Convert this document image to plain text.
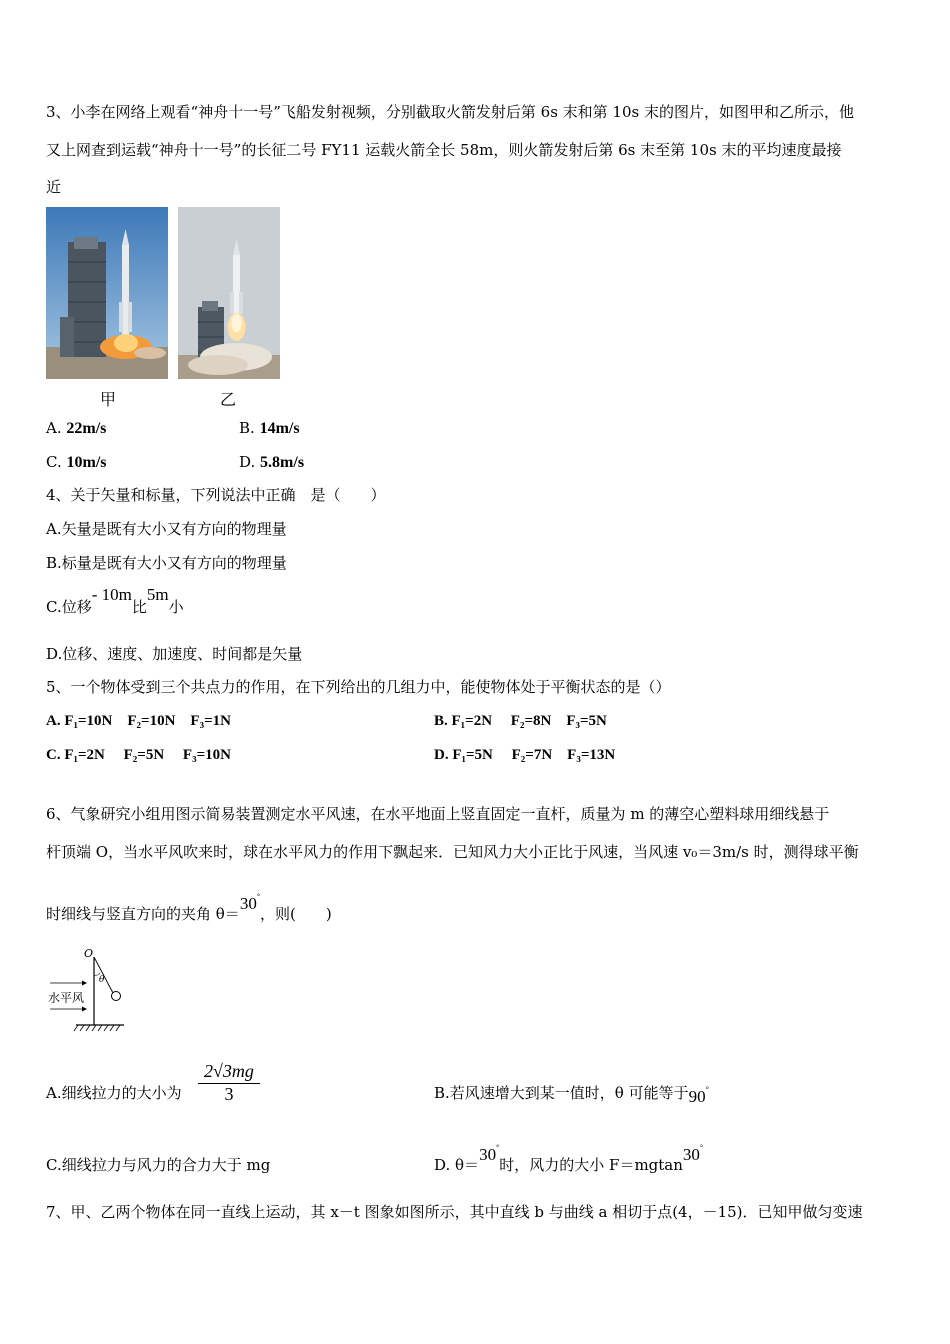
3、小李在网络上观看“神舟十一号”飞船发射视频，分别截取火箭发射后第 6s 末和第 10s 末的图片，如图甲和乙所示，他
又上网查到运载“神舟十一号”的长征二号 FY11 运载火箭全长 58m，则火箭发射后第 6s 末至第 10s 末的平均速度最接
近
甲	乙
A. 22m/s	B. 14m/s
C. 10m/s	D. 5.8m/s
4、关于矢量和标量，下列说法中正确　是（　　）
A.矢量是既有大小又有方向的物理量
B.标量是既有大小又有方向的物理量
C.位移- 10m比5m小
D.位移、速度、加速度、时间都是矢量
5、一个物体受到三个共点力的作用，在下列给出的几组力中，能使物体处于平衡状态的是（）
A. F₁=10N　F₂=10N　F₃=1N	B. F₁=2N　 F₂=8N　F₃=5N
C. F₁=2N　 F₂=5N　 F₃=10N	D. F₁=5N　 F₂=7N　F₃=13N
6、气象研究小组用图示简易装置测定水平风速，在水平地面上竖直固定一直杆，质量为 m 的薄空心塑料球用细线悬于
杆顶端 O，当水平风吹来时，球在水平风力的作用下飘起来．已知风力大小正比于风速，当风速 v₀＝3m/s 时，测得球平衡
时细线与竖直方向的夹角 θ＝30°，则(　　)
O
θ
水平风
A.细线拉力的大小为 $\frac{2√3mg}{3}$	B.若风速增大到某一值时，θ 可能等于90°
C.细线拉力与风力的合力大于 mg	D. θ＝30°时，风力的大小 F＝mgtan30°
7、甲、乙两个物体在同一直线上运动，其 x－t 图象如图所示，其中直线 b 与曲线 a 相切于点(4，－15)．已知甲做匀变速
